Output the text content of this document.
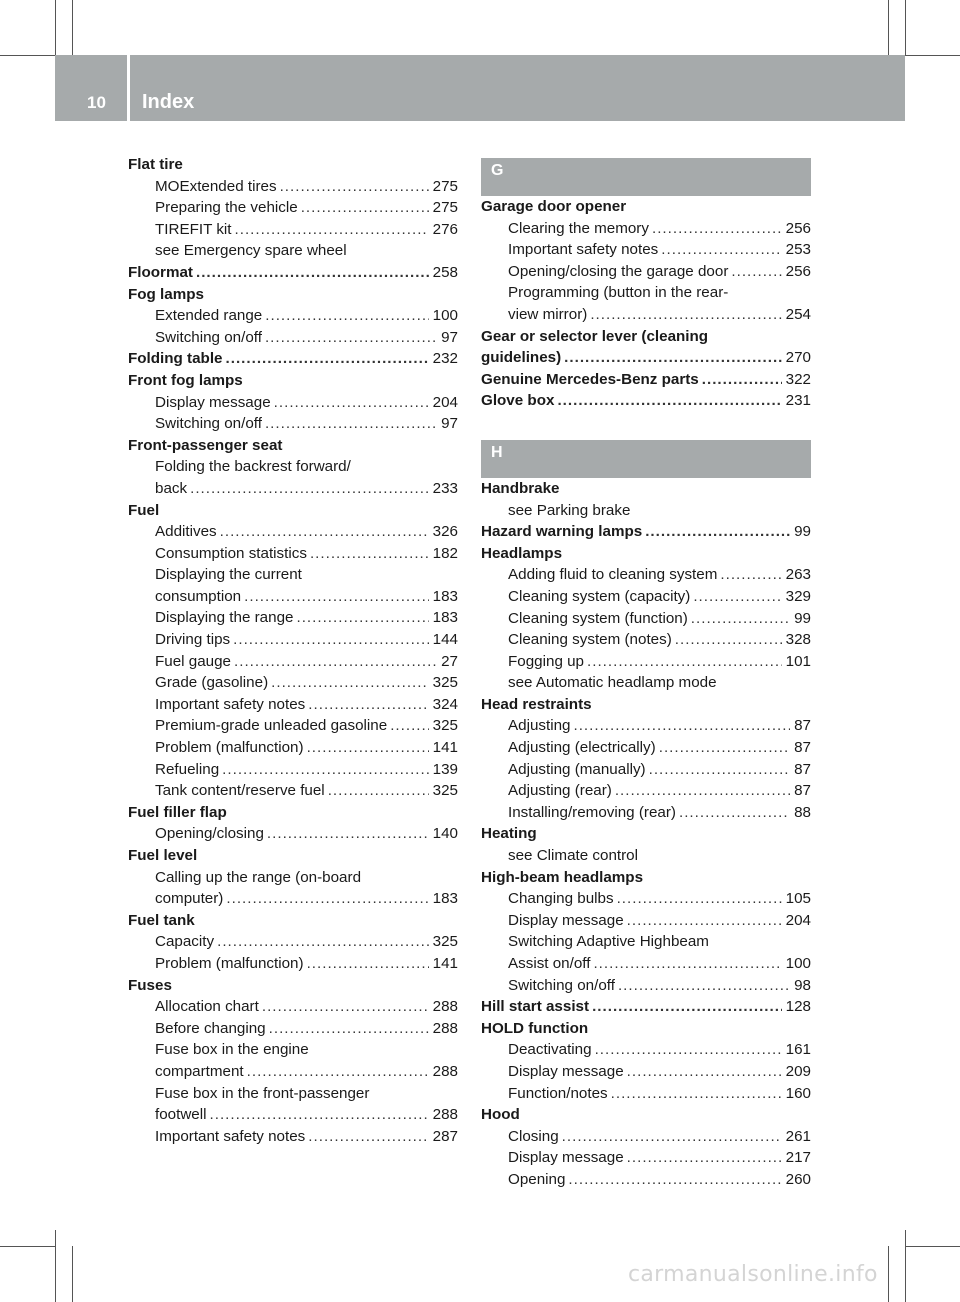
10 Index
Flat tire
MOExtended tires .....	275
Preparing the vehicle .....	275
TIREFIT kit .....	276
see Emergency spare wheel
Floormat .....	258
Fog lamps
Extended range .....	100
Switching on/off .....	97
Folding table .....	232
Front fog lamps
Display message .....	204
Switching on/off .....	97
Front-passenger seat
Folding the backrest forward/
back .....	233
Fuel
Additives .....	326
Consumption statistics .....	182
Displaying the current
consumption .....	183
Displaying the range .....	183
Driving tips .....	144
Fuel gauge .....	27
Grade (gasoline) .....	325
Important safety notes .....	324
Premium-grade unleaded gasoline .....	325
Problem (malfunction) .....	141
Refueling .....	139
Tank content/reserve fuel .....	325
Fuel filler flap
Opening/closing .....	140
Fuel level
Calling up the range (on-board
computer) .....	183
Fuel tank
Capacity .....	325
Problem (malfunction) .....	141
Fuses
Allocation chart .....	288
Before changing .....	288
Fuse box in the engine
compartment .....	288
Fuse box in the front-passenger
footwell .....	288
Important safety notes .....	287
G
Garage door opener
Clearing the memory .....	256
Important safety notes .....	253
Opening/closing the garage door .....	256
Programming (button in the rear-
view mirror) .....	254
Gear or selector lever (cleaning
guidelines) .....	270
Genuine Mercedes-Benz parts .....	322
Glove box .....	231
H
Handbrake
see Parking brake
Hazard warning lamps .....	99
Headlamps
Adding fluid to cleaning system .....	263
Cleaning system (capacity) .....	329
Cleaning system (function) .....	99
Cleaning system (notes) .....	328
Fogging up .....	101
see Automatic headlamp mode
Head restraints
Adjusting .....	87
Adjusting (electrically) .....	87
Adjusting (manually) .....	87
Adjusting (rear) .....	87
Installing/removing (rear) .....	88
Heating
see Climate control
High-beam headlamps
Changing bulbs .....	105
Display message .....	204
Switching Adaptive Highbeam
Assist on/off .....	100
Switching on/off .....	98
Hill start assist .....	128
HOLD function
Deactivating .....	161
Display message .....	209
Function/notes .....	160
Hood
Closing .....	261
Display message .....	217
Opening .....	260
carmanualsonline.info
